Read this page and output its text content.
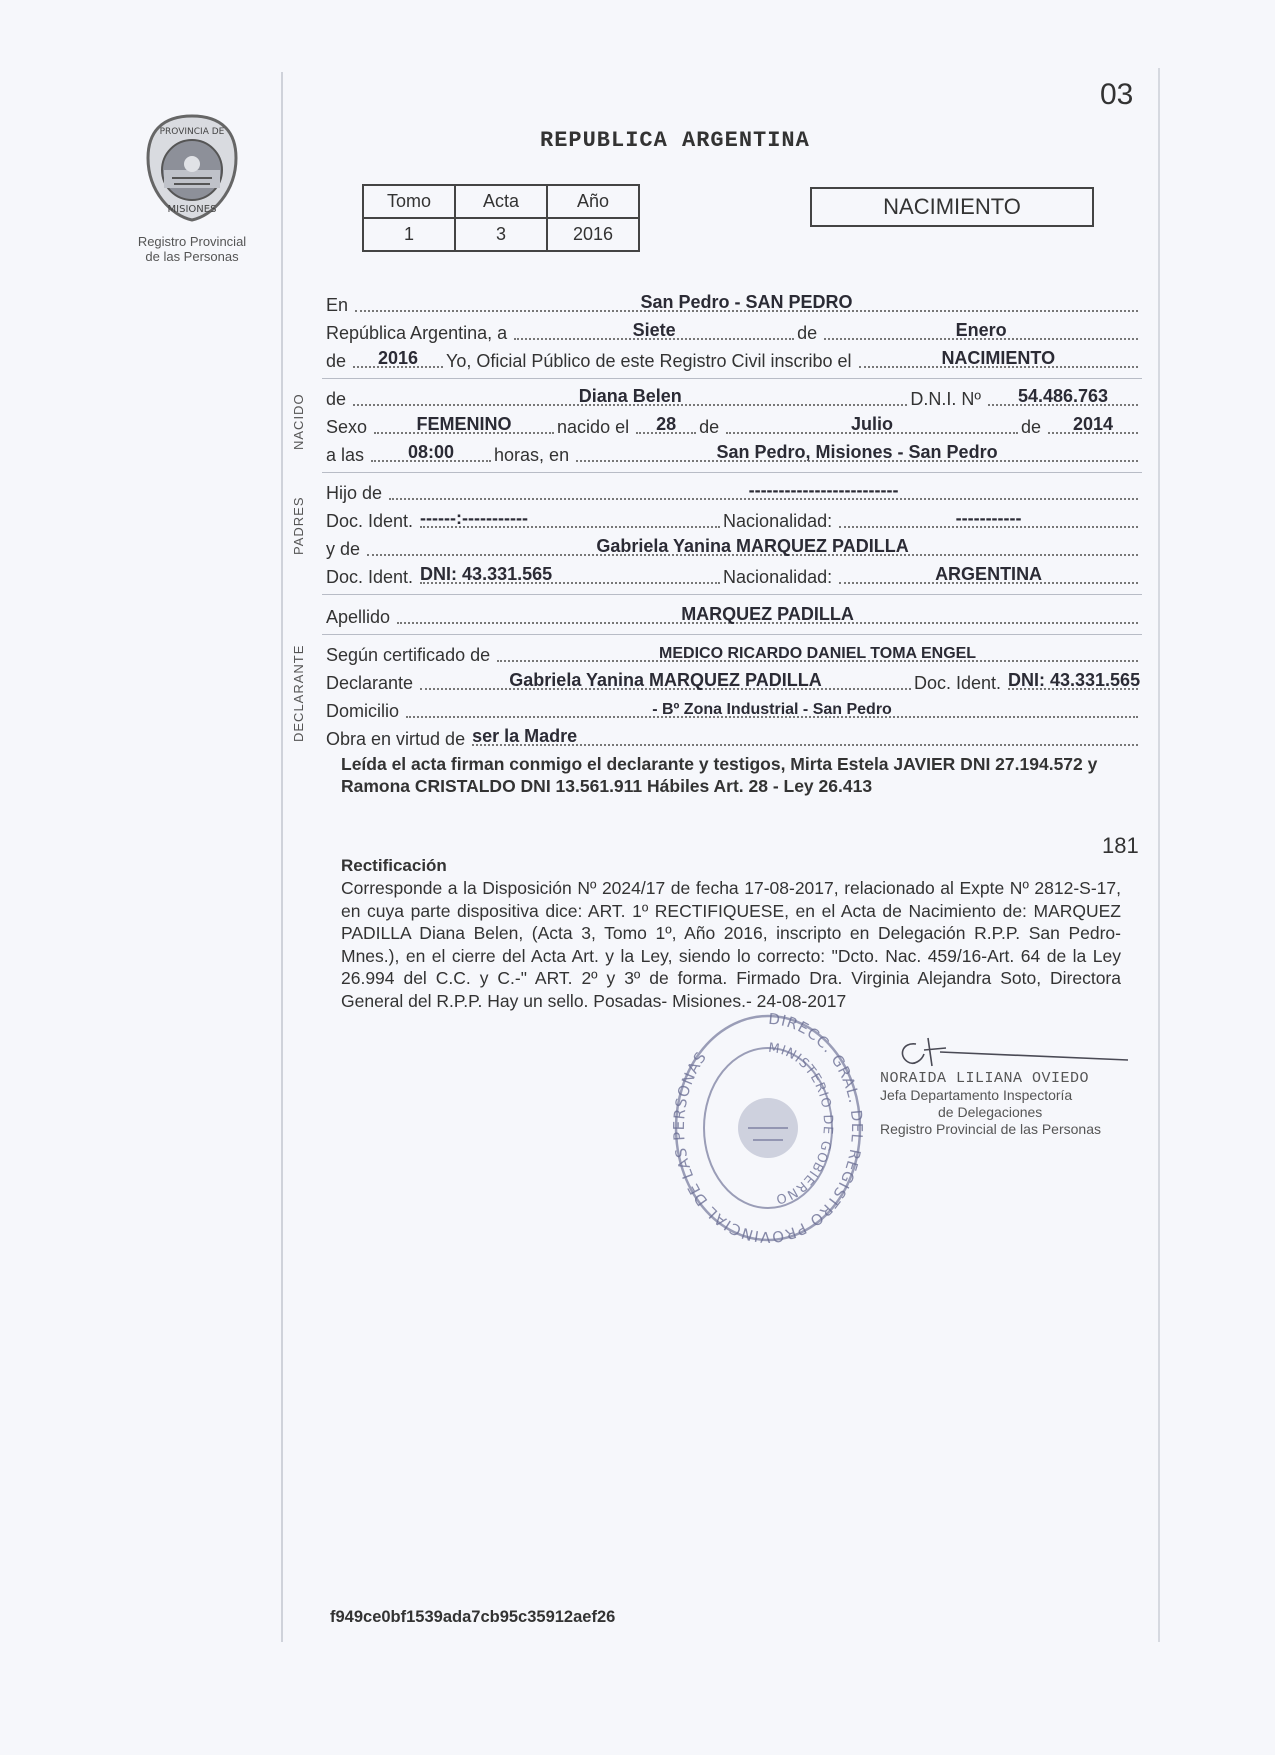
03
PROVINCIA DE
MISIONES
Registro Provincial
de las Personas
REPUBLICA ARGENTINA
Tomo	Acta	Año
1	3	2016
NACIMIENTO
En	San Pedro - SAN PEDRO
República Argentina, a	Siete	de	Enero
de	2016	Yo, Oficial Público de este Registro Civil inscribo el	NACIMIENTO
NACIDO de	Diana Belen	D.N.I. Nº	54.486.763
Sexo	FEMENINO	nacido el	28	de	Julio	de	2014
a las	08:00	horas, en	San Pedro, Misiones - San Pedro
PADRES
Hijo de	-------------------------
Doc. Ident. ------:-----------	Nacionalidad:	-----------
y de	Gabriela Yanina MARQUEZ PADILLA
Doc. Ident. DNI: 43.331.565	Nacionalidad:	ARGENTINA
Apellido	MARQUEZ PADILLA
DECLARANTE Según certificado de	MEDICO RICARDO DANIEL TOMA ENGEL
Declarante	Gabriela Yanina MARQUEZ PADILLA	Doc. Ident. DNI: 43.331.565
Domicilio	- Bº Zona Industrial - San Pedro
Obra en virtud de ser la Madre
Leída el acta firman conmigo el declarante y testigos, Mirta Estela JAVIER DNI 27.194.572 y Ramona CRISTALDO DNI 13.561.911 Hábiles Art. 28 - Ley 26.413
181
Rectificación
Corresponde a la Disposición Nº 2024/17 de fecha 17-08-2017, relacionado al Expte Nº 2812-S-17, en cuya parte dispositiva dice: ART. 1º RECTIFIQUESE, en el Acta de Nacimiento de: MARQUEZ PADILLA Diana Belen, (Acta 3, Tomo 1º, Año 2016, inscripto en Delegación R.P.P. San Pedro- Mnes.), en el cierre del Acta Art. y la Ley, siendo lo correcto: "Dcto. Nac. 459/16-Art. 64 de la Ley 26.994 del C.C. y C.-" ART. 2º y 3º de forma. Firmado Dra. Virginia Alejandra Soto, Directora General del R.P.P. Hay un sello. Posadas- Misiones.- 24-08-2017
DIRECC. GRAL. DEL REGISTRO PROVINCIAL DE LAS PERSONAS	MINISTERIO DE GOBIERNO
NORAIDA LILIANA OVIEDO
Jefa Departamento Inspectoría
de Delegaciones
Registro Provincial de las Personas
f949ce0bf1539ada7cb95c35912aef26
